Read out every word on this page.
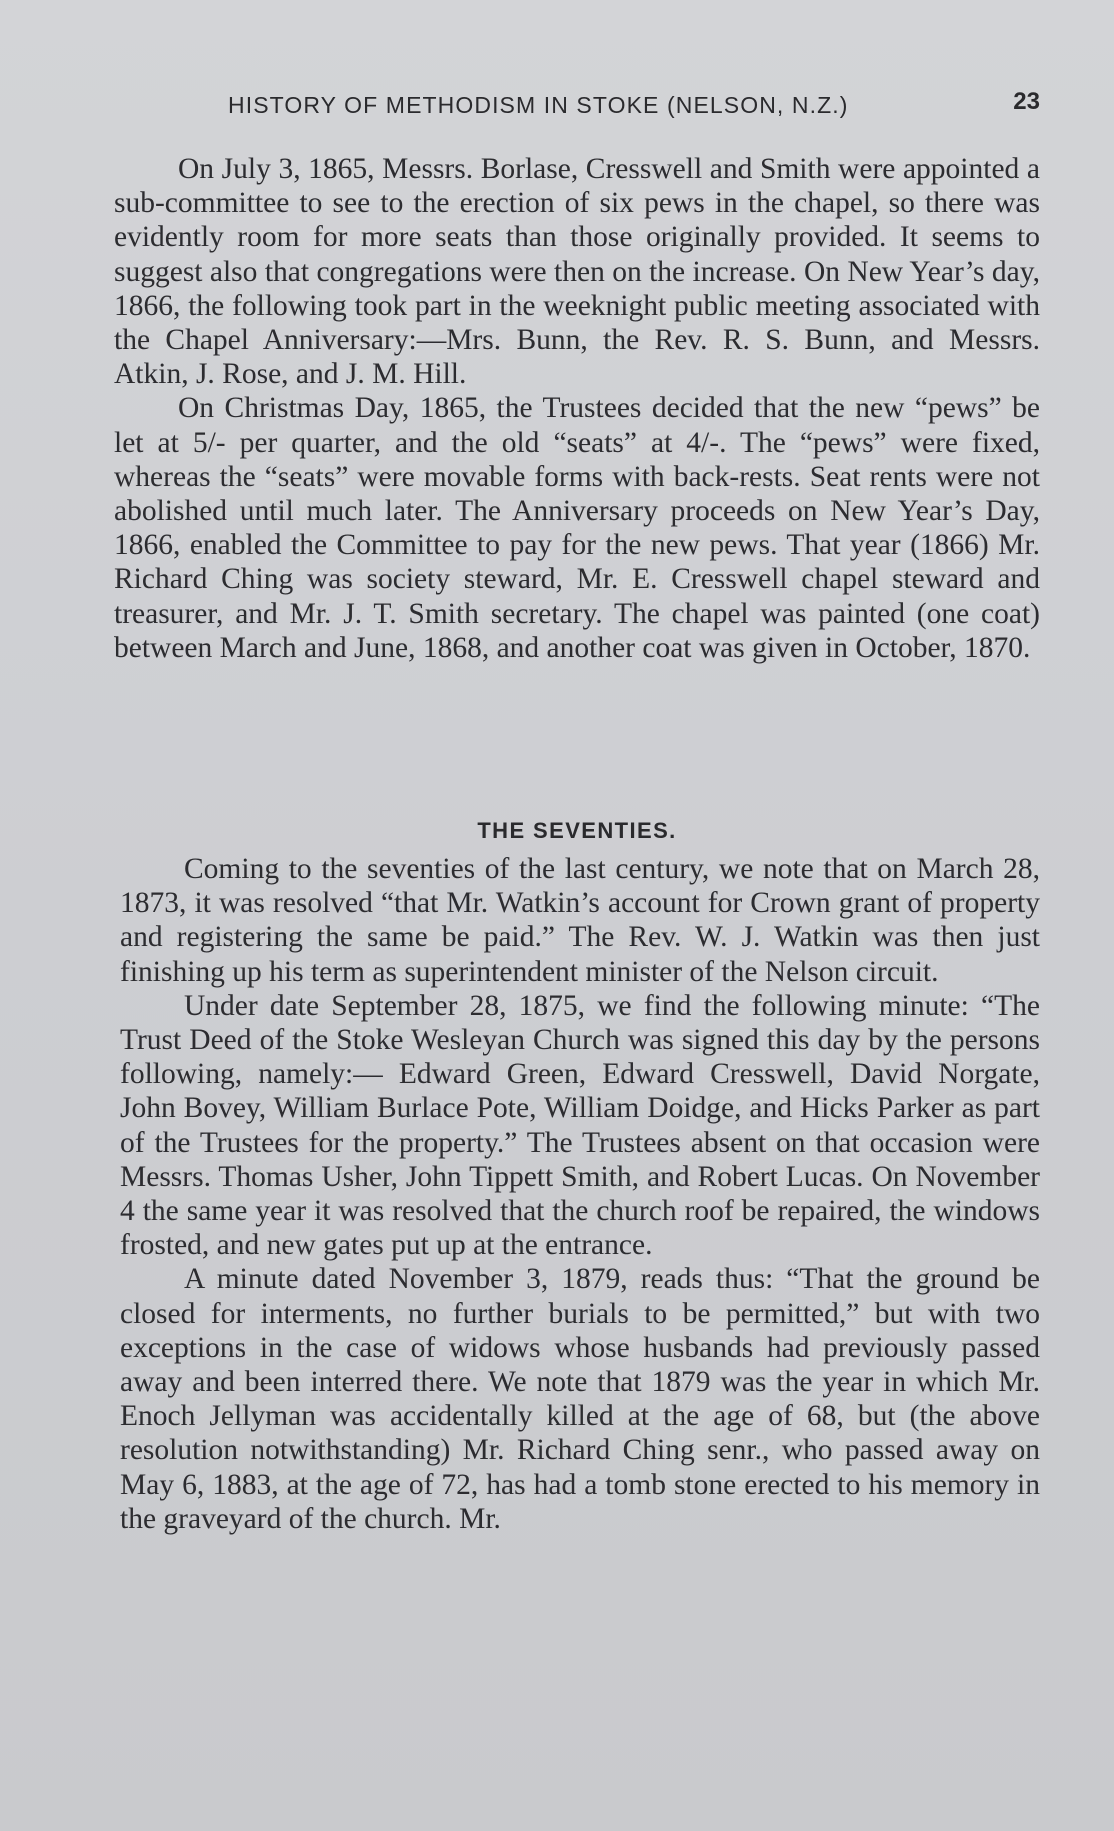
HISTORY OF METHODISM IN STOKE (NELSON, N.Z.)	23

On July 3, 1865, Messrs. Borlase, Cresswell and Smith were appointed a sub-committee to see to the erection of six pews in the chapel, so there was evidently room for more seats than those originally provided. It seems to suggest also that congregations were then on the increase. On New Year’s day, 1866, the following took part in the weeknight public meeting associated with the Chapel Anniversary:—Mrs. Bunn, the Rev. R. S. Bunn, and Messrs. Atkin, J. Rose, and J. M. Hill.

On Christmas Day, 1865, the Trustees decided that the new “pews” be let at 5/- per quarter, and the old “seats” at 4/-. The “pews” were fixed, whereas the “seats” were movable forms with back-rests. Seat rents were not abolished until much later. The Anniversary proceeds on New Year’s Day, 1866, enabled the Committee to pay for the new pews. That year (1866) Mr. Richard Ching was society steward, Mr. E. Cresswell chapel steward and treasurer, and Mr. J. T. Smith secretary. The chapel was painted (one coat) between March and June, 1868, and another coat was given in October, 1870.

THE SEVENTIES.

Coming to the seventies of the last century, we note that on March 28, 1873, it was resolved “that Mr. Watkin’s account for Crown grant of property and registering the same be paid.” The Rev. W. J. Watkin was then just finishing up his term as superintendent minister of the Nelson circuit.

Under date September 28, 1875, we find the following minute: “The Trust Deed of the Stoke Wesleyan Church was signed this day by the persons following, namely:— Edward Green, Edward Cresswell, David Norgate, John Bovey, William Burlace Pote, William Doidge, and Hicks Parker as part of the Trustees for the property.” The Trustees absent on that occasion were Messrs. Thomas Usher, John Tippett Smith, and Robert Lucas. On November 4 the same year it was resolved that the church roof be repaired, the windows frosted, and new gates put up at the entrance.

A minute dated November 3, 1879, reads thus: “That the ground be closed for interments, no further burials to be permitted,” but with two exceptions in the case of widows whose husbands had previously passed away and been interred there. We note that 1879 was the year in which Mr. Enoch Jellyman was accidentally killed at the age of 68, but (the above resolution notwithstanding) Mr. Richard Ching senr., who passed away on May 6, 1883, at the age of 72, has had a tomb stone erected to his memory in the graveyard of the church. Mr.
